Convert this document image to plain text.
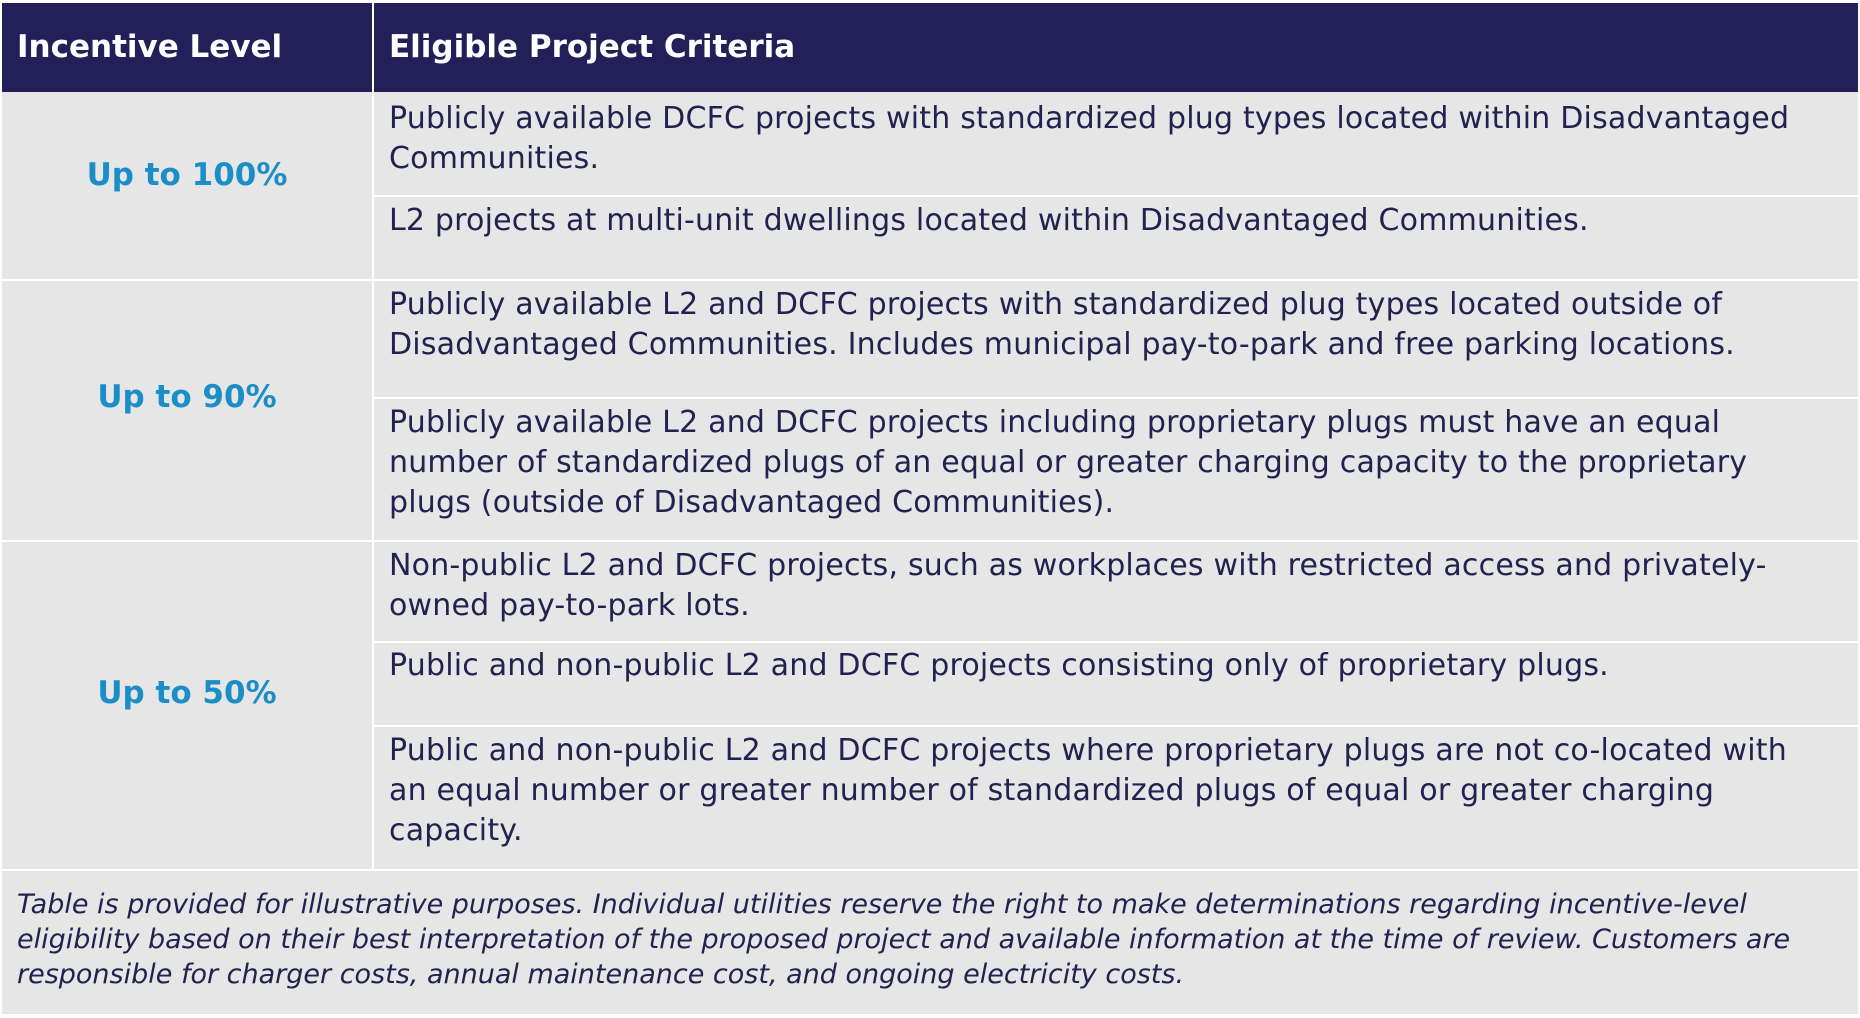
Incentive Level	Eligible Project Criteria
Up to 100%
Publicly available DCFC projects with standardized plug types located within Disadvantaged Communities.
L2 projects at multi-unit dwellings located within Disadvantaged Communities.
Up to 90%
Publicly available L2 and DCFC projects with standardized plug types located outside of Disadvantaged Communities. Includes municipal pay-to-park and free parking locations.
Publicly available L2 and DCFC projects including proprietary plugs must have an equal number of standardized plugs of an equal or greater charging capacity to the proprietary plugs (outside of Disadvantaged Communities).
Up to 50%
Non-public L2 and DCFC projects, such as workplaces with restricted access and privately-owned pay-to-park lots.
Public and non-public L2 and DCFC projects consisting only of proprietary plugs.
Public and non-public L2 and DCFC projects where proprietary plugs are not co-located with an equal number or greater number of standardized plugs of equal or greater charging capacity.
Table is provided for illustrative purposes. Individual utilities reserve the right to make determinations regarding incentive-level eligibility based on their best interpretation of the proposed project and available information at the time of review. Customers are responsible for charger costs, annual maintenance cost, and ongoing electricity costs.
